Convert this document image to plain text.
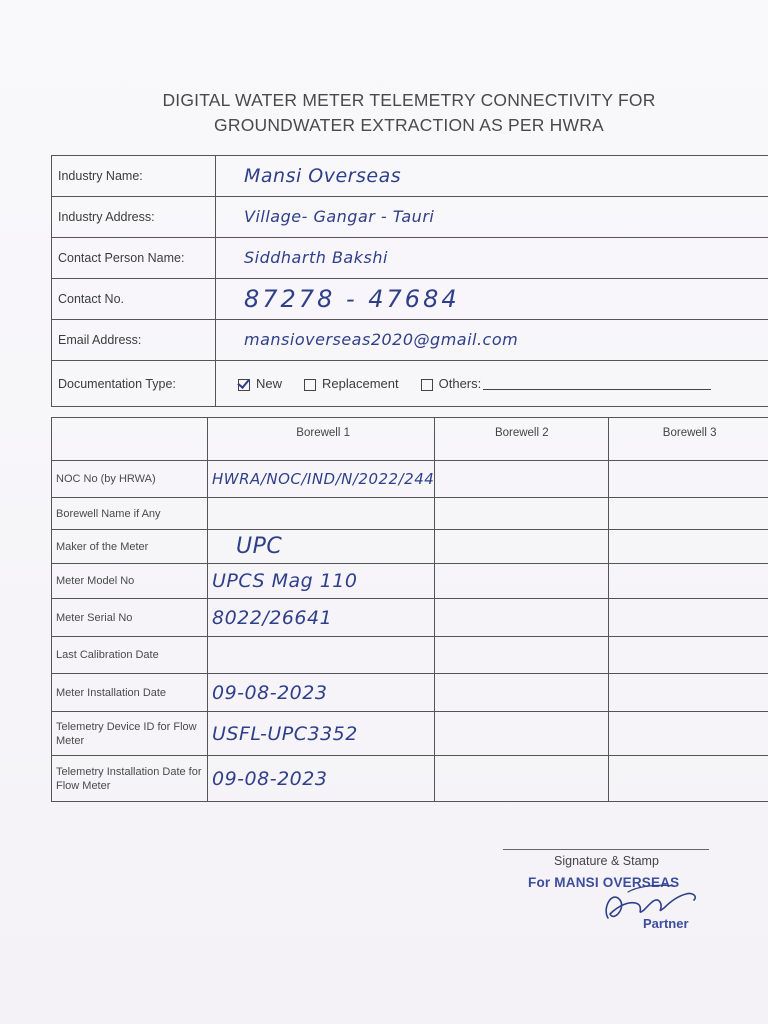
DIGITAL WATER METER TELEMETRY CONNECTIVITY FOR
GROUNDWATER EXTRACTION AS PER HWRA
Industry Name:	Mansi Overseas
Industry Address:	Village- Gangar - Tauri
Contact Person Name:	Siddharth Bakshi
Contact No.	87278 - 47684
Email Address:	mansioverseas2020@gmail.com
Documentation Type:	New Replacement Others:
	Borewell 1	Borewell 2	Borewell 3
NOC No (by HRWA)	HWRA/NOC/IND/N/2022/244		
Borewell Name if Any			
Maker of the Meter	UPC		
Meter Model No	UPCS Mag 110		
Meter Serial No	8022/26641		
Last Calibration Date			
Meter Installation Date	09-08-2023		
Telemetry Device ID for Flow Meter	USFL-UPC3352		
Telemetry Installation Date for Flow Meter	09-08-2023		
Signature & Stamp
For MANSI OVERSEAS
Partner
